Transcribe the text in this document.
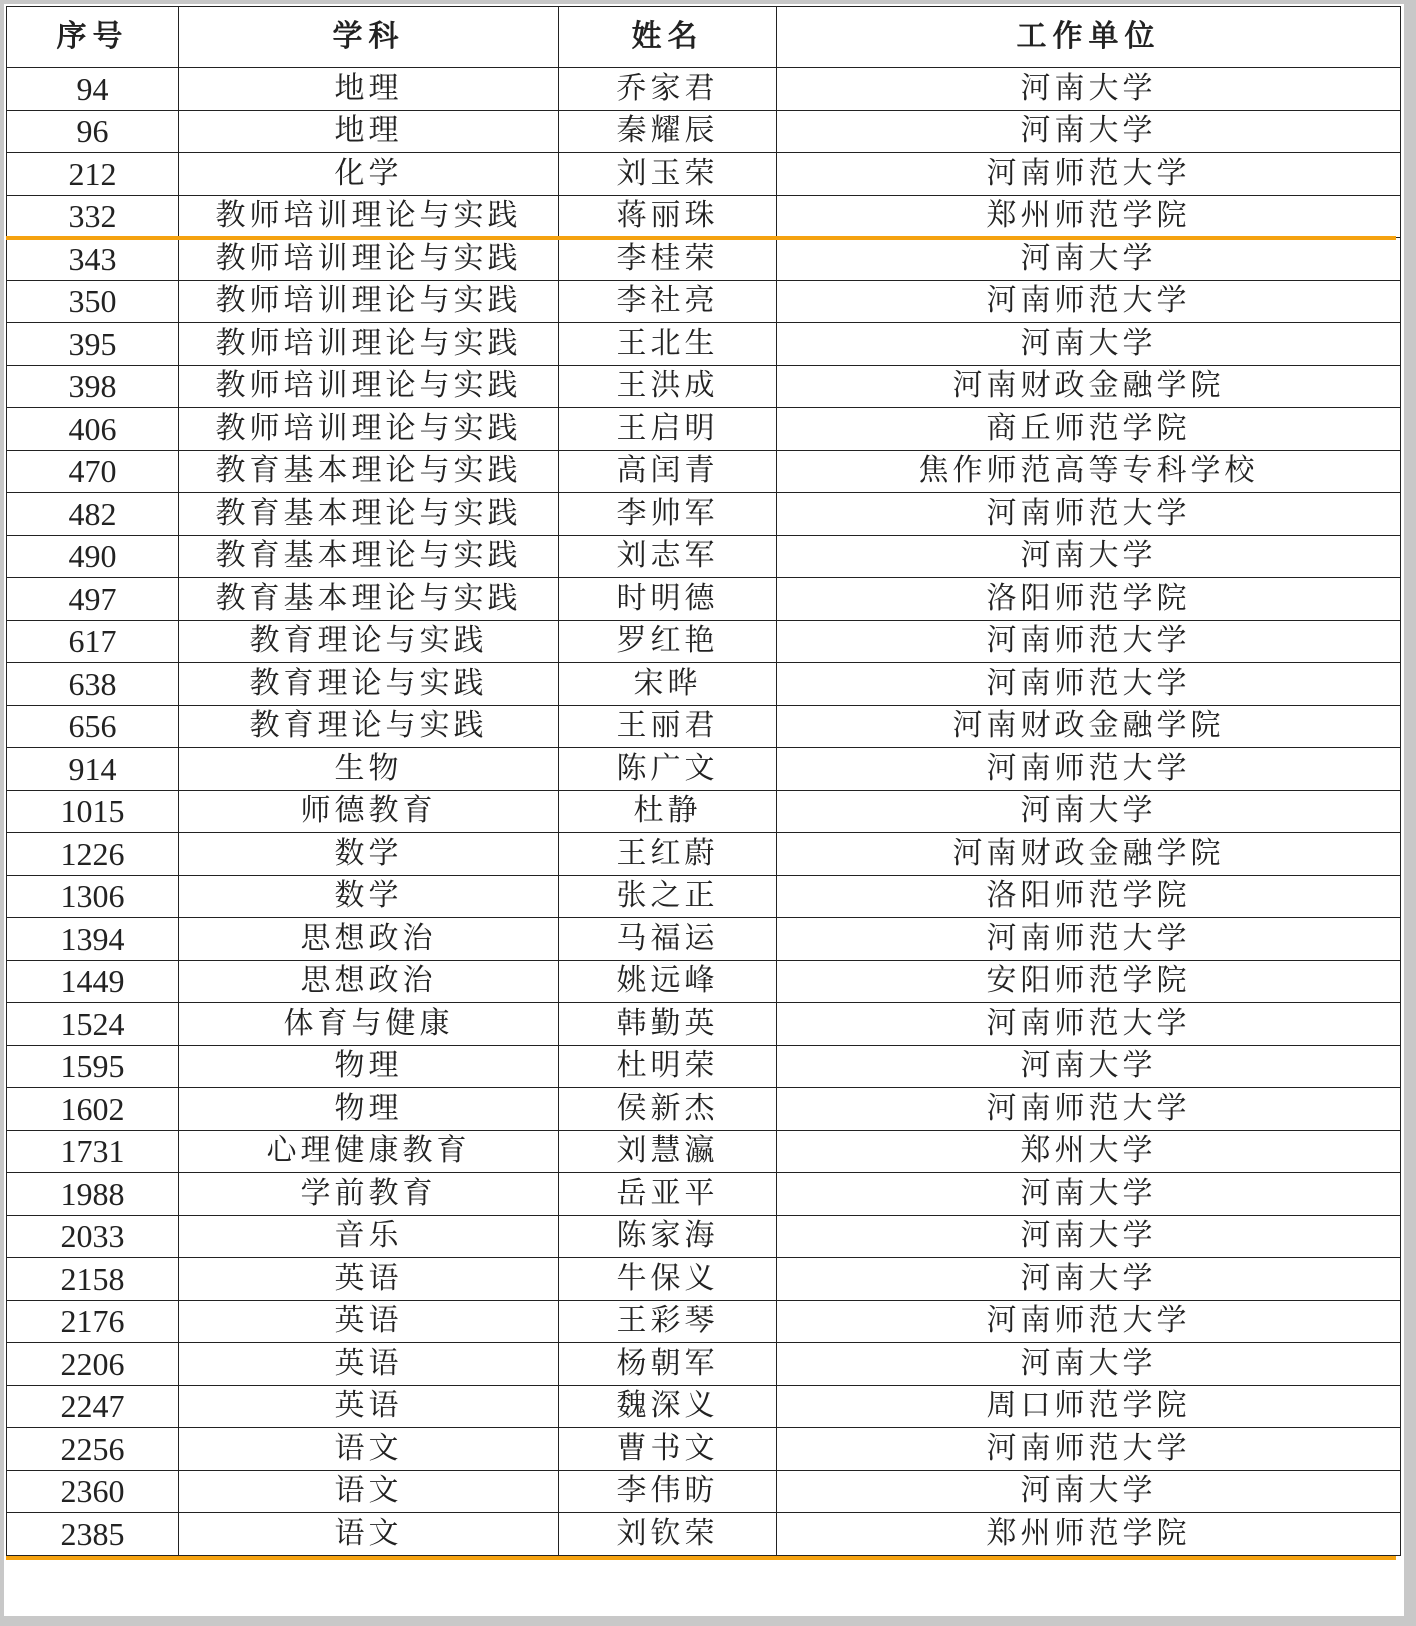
序号	学科	姓名	工作单位
94	地理	乔家君	河南大学
96	地理	秦耀辰	河南大学
212	化学	刘玉荣	河南师范大学
332	教师培训理论与实践	蒋丽珠	郑州师范学院
343	教师培训理论与实践	李桂荣	河南大学
350	教师培训理论与实践	李社亮	河南师范大学
395	教师培训理论与实践	王北生	河南大学
398	教师培训理论与实践	王洪成	河南财政金融学院
406	教师培训理论与实践	王启明	商丘师范学院
470	教育基本理论与实践	高闰青	焦作师范高等专科学校
482	教育基本理论与实践	李帅军	河南师范大学
490	教育基本理论与实践	刘志军	河南大学
497	教育基本理论与实践	时明德	洛阳师范学院
617	教育理论与实践	罗红艳	河南师范大学
638	教育理论与实践	宋晔	河南师范大学
656	教育理论与实践	王丽君	河南财政金融学院
914	生物	陈广文	河南师范大学
1015	师德教育	杜静	河南大学
1226	数学	王红蔚	河南财政金融学院
1306	数学	张之正	洛阳师范学院
1394	思想政治	马福运	河南师范大学
1449	思想政治	姚远峰	安阳师范学院
1524	体育与健康	韩勤英	河南师范大学
1595	物理	杜明荣	河南大学
1602	物理	侯新杰	河南师范大学
1731	心理健康教育	刘慧瀛	郑州大学
1988	学前教育	岳亚平	河南大学
2033	音乐	陈家海	河南大学
2158	英语	牛保义	河南大学
2176	英语	王彩琴	河南师范大学
2206	英语	杨朝军	河南大学
2247	英语	魏深义	周口师范学院
2256	语文	曹书文	河南师范大学
2360	语文	李伟昉	河南大学
2385	语文	刘钦荣	郑州师范学院
